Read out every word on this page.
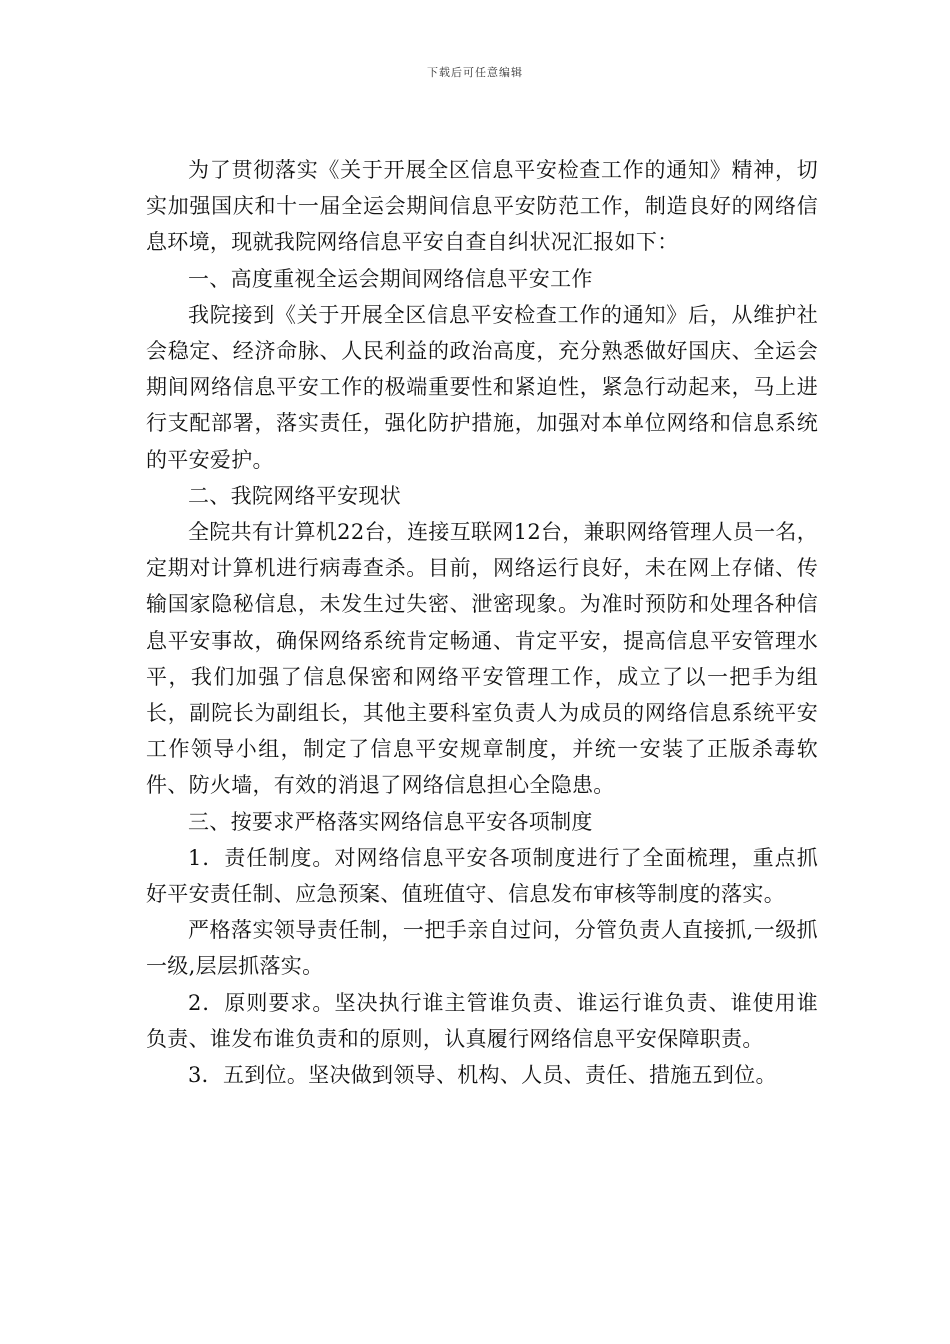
下载后可任意编辑

为了贯彻落实《关于开展全区信息平安检查工作的通知》精神，切实加强国庆和十一届全运会期间信息平安防范工作，制造良好的网络信息环境，现就我院网络信息平安自查自纠状况汇报如下：

一、高度重视全运会期间网络信息平安工作

我院接到《关于开展全区信息平安检查工作的通知》后，从维护社会稳定、经济命脉、人民利益的政治高度，充分熟悉做好国庆、全运会期间网络信息平安工作的极端重要性和紧迫性，紧急行动起来，马上进行支配部署，落实责任，强化防护措施，加强对本单位网络和信息系统的平安爱护。

二、我院网络平安现状

全院共有计算机22台，连接互联网12台，兼职网络管理人员一名，定期对计算机进行病毒查杀。目前，网络运行良好，未在网上存储、传输国家隐秘信息，未发生过失密、泄密现象。为准时预防和处理各种信息平安事故，确保网络系统肯定畅通、肯定平安，提高信息平安管理水平，我们加强了信息保密和网络平安管理工作，成立了以一把手为组长，副院长为副组长，其他主要科室负责人为成员的网络信息系统平安工作领导小组，制定了信息平安规章制度，并统一安装了正版杀毒软件、防火墙，有效的消退了网络信息担心全隐患。

三、按要求严格落实网络信息平安各项制度

1．责任制度。对网络信息平安各项制度进行了全面梳理，重点抓好平安责任制、应急预案、值班值守、信息发布审核等制度的落实。

严格落实领导责任制，一把手亲自过问，分管负责人直接抓,一级抓一级,层层抓落实。

2．原则要求。坚决执行谁主管谁负责、谁运行谁负责、谁使用谁负责、谁发布谁负责和的原则，认真履行网络信息平安保障职责。

3．五到位。坚决做到领导、机构、人员、责任、措施五到位。
